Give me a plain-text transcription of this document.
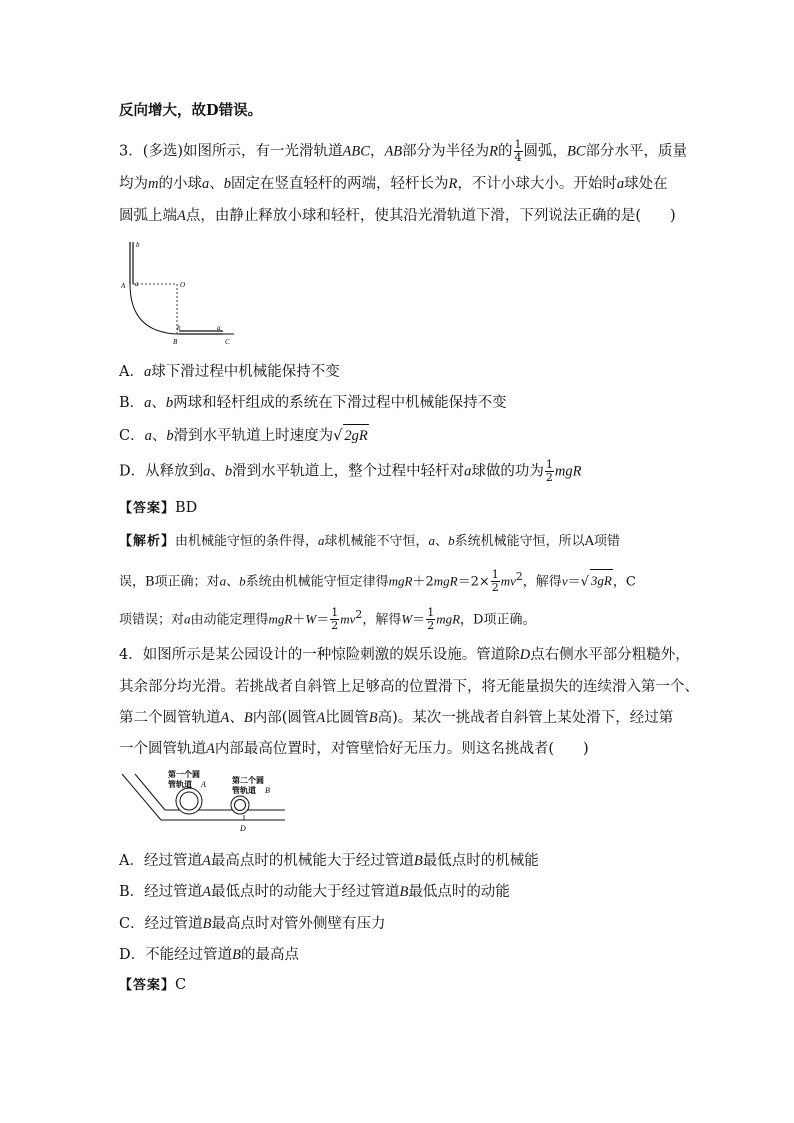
反向增大，故D错误。
3．(多选)如图所示，有一光滑轨道ABC，AB部分为半径为R的 $\frac{1}{4}$ 圆弧，BC部分水平，质量
均为m的小球a、b固定在竖直轻杆的两端，轻杆长为R，不计小球大小。开始时a球处在
圆弧上端A点，由静止释放小球和轻杆，使其沿光滑轨道下滑，下列说法正确的是(　　)
b
a
A	O
b	a
B	C
A．a球下滑过程中机械能保持不变
B．a、b两球和轻杆组成的系统在下滑过程中机械能保持不变
C．a、b滑到水平轨道上时速度为√ 2gR
D．从释放到a、b滑到水平轨道上，整个过程中轻杆对a球做的功为 $\frac{1}{2}$ mgR
【答案】BD
【解析】由机械能守恒的条件得，a球机械能不守恒，a、b系统机械能守恒，所以A项错
误，B项正确；对a、b系统由机械能守恒定律得$mgR+2mgR=2\times \frac{1}{2} mv^2$，解得v＝√ 3gR，C
项错误；对a由动能定理得$mgR+W= \frac{1}{2} mv^2$，解得$W= \frac{1}{2}$ mgR，D项正确。
4．如图所示是某公园设计的一种惊险刺激的娱乐设施。管道除D点右侧水平部分粗糙外，
其余部分均光滑。若挑战者自斜管上足够高的位置滑下，将无能量损失的连续滑入第一个、
第二个圆管轨道A、B内部(圆管A比圆管B高)。某次一挑战者自斜管上某处滑下，经过第
一个圆管轨道A内部最高位置时，对管壁恰好无压力。则这名挑战者(　　)
第一个圆
管轨道 A	第二个圆
管轨道 B
D
A．经过管道A最高点时的机械能大于经过管道B最低点时的机械能
B．经过管道A最低点时的动能大于经过管道B最低点时的动能
C．经过管道B最高点时对管外侧壁有压力
D．不能经过管道B的最高点
【答案】C
